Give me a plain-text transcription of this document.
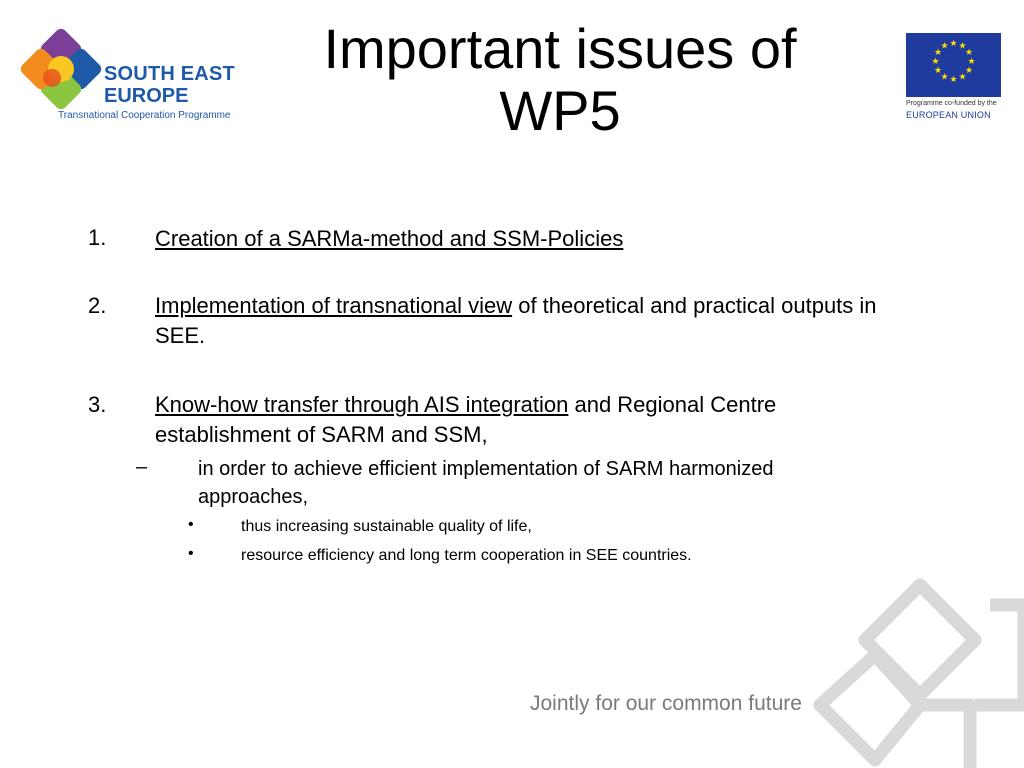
SOUTH EAST
EUROPE
Transnational Cooperation Programme
Important issues of
WP5
★ ★
★
★
★
★
★
★
★
★
★
★
Programme co-funded by the
EUROPEAN UNION
1. Creation of a SARMa-method and SSM-Policies
2. Implementation of transnational view of theoretical and practical outputs in SEE.
3. Know-how transfer through AIS integration and Regional Centre establishment of SARM and SSM,
–	in order to achieve efficient implementation of SARM harmonized approaches,
•	thus increasing sustainable quality of life,
•	resource efficiency and long term cooperation in SEE countries.
Jointly for our common future
